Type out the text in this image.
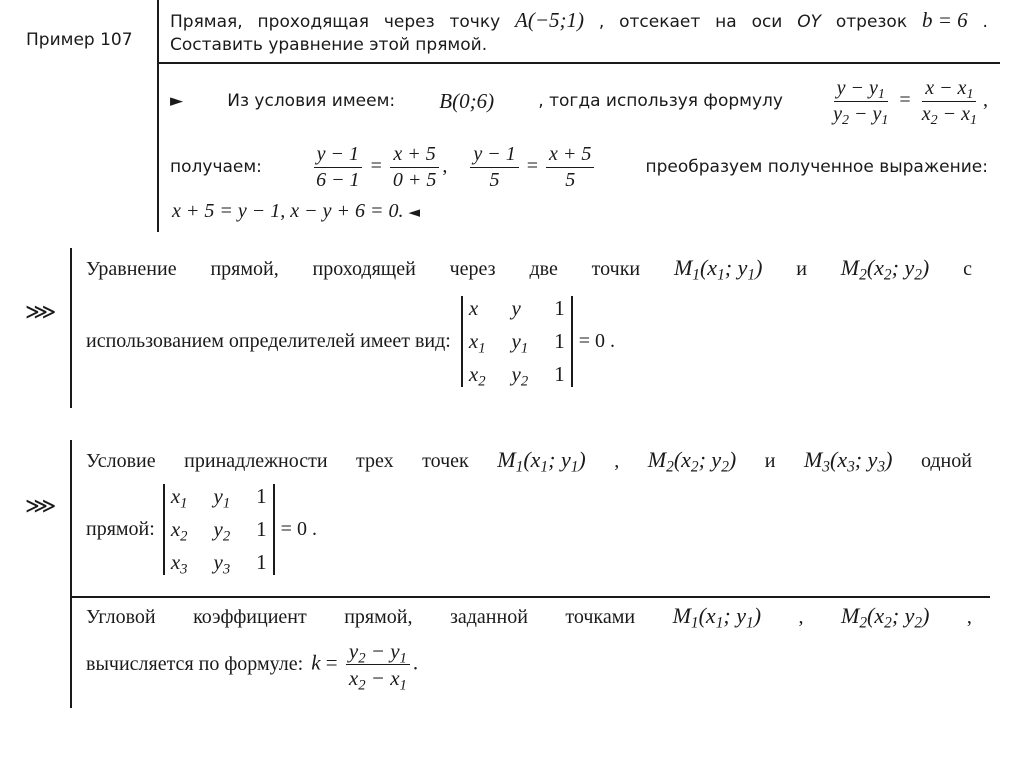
Пример 107
Прямая, проходящая через точку A(−5;1) , отсекает на оси OY отрезок b = 6 .
Составить уравнение этой прямой.
►	Из условия имеем: B(0;6)	, тогда используя формулу $\frac{y - y_1}{y_2 - y_1} = \frac{x - x_1}{x_2 - x_1}$ ,
получаем:	$\frac{y - 1}{6 - 1} = \frac{x + 5}{0 + 5}$ , $\frac{y - 1}{5} = \frac{x + 5}{5}$	преобразуем полученное выражение:
x + 5 = y − 1, x − y + 6 = 0. ◄
⋙
Уравнение прямой, проходящей через две точки $M_1(x_1$; $y_1$) и $M_2(x_2$; $y_2$) с
использованием определителей имеет вид:
x	y	1
$x_1$ $y_1$ 1
$x_2$ $y_2$ 1
= 0 .
⋙
Условие принадлежности трех точек $M_1(x_1$; $y_1$) , $M_2(x_2$; $y_2$) и $M_3(x_3$; $y_3$) одной
прямой:
$x_1$ $y_1$ 1
$x_2$ $y_2$ 1
$x_3$ $y_3$ 1
= 0 .
Угловой коэффициент прямой, заданной точками $M_1(x_1$; $y_1$) , $M_2(x_2$; $y_2$) ,
вычисляется по формуле: $k = \frac{y_2 - y_1}{x_2 - x_1}$ .
